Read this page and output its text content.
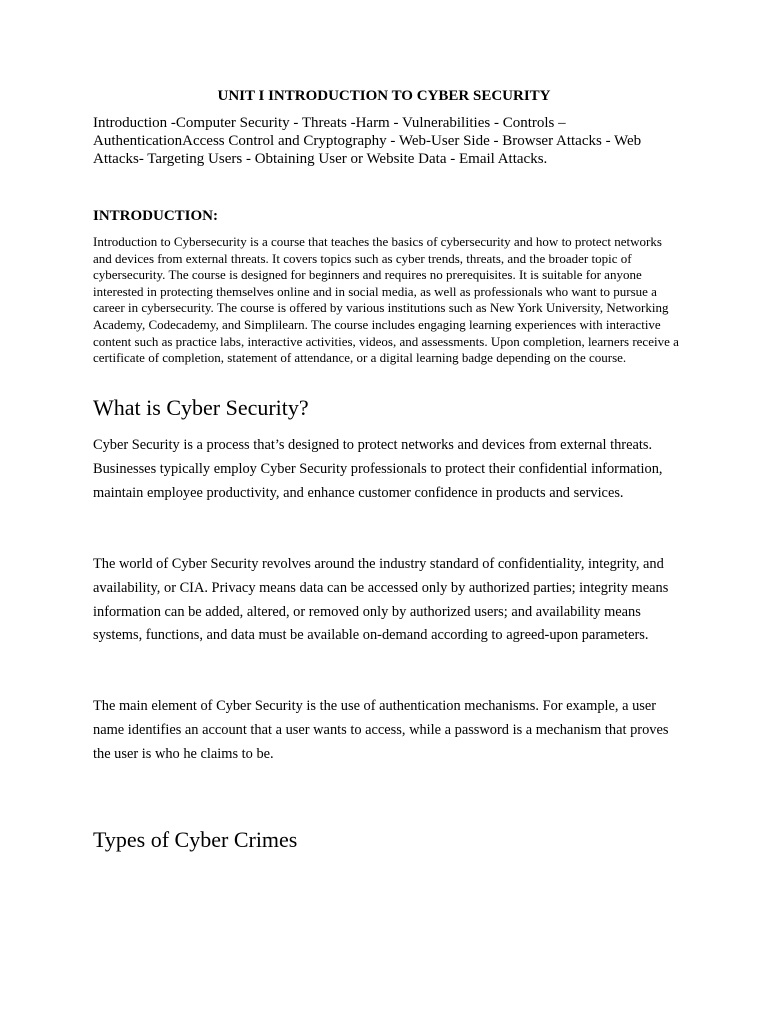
UNIT I INTRODUCTION TO CYBER SECURITY
Introduction -Computer Security - Threats -Harm - Vulnerabilities - Controls – AuthenticationAccess Control and Cryptography - Web-User Side - Browser Attacks - Web Attacks- Targeting Users - Obtaining User or Website Data - Email Attacks.
INTRODUCTION:
Introduction to Cybersecurity is a course that teaches the basics of cybersecurity and how to protect networks and devices from external threats. It covers topics such as cyber trends, threats, and the broader topic of cybersecurity. The course is designed for beginners and requires no prerequisites. It is suitable for anyone interested in protecting themselves online and in social media, as well as professionals who want to pursue a career in cybersecurity. The course is offered by various institutions such as New York University, Networking Academy, Codecademy, and Simplilearn. The course includes engaging learning experiences with interactive content such as practice labs, interactive activities, videos, and assessments. Upon completion, learners receive a certificate of completion, statement of attendance, or a digital learning badge depending on the course.
What is Cyber Security?
Cyber Security is a process that’s designed to protect networks and devices from external threats. Businesses typically employ Cyber Security professionals to protect their confidential information, maintain employee productivity, and enhance customer confidence in products and services.
The world of Cyber Security revolves around the industry standard of confidentiality, integrity, and availability, or CIA. Privacy means data can be accessed only by authorized parties; integrity means information can be added, altered, or removed only by authorized users; and availability means systems, functions, and data must be available on-demand according to agreed-upon parameters.
The main element of Cyber Security is the use of authentication mechanisms. For example, a user name identifies an account that a user wants to access, while a password is a mechanism that proves the user is who he claims to be.
Types of Cyber Crimes
